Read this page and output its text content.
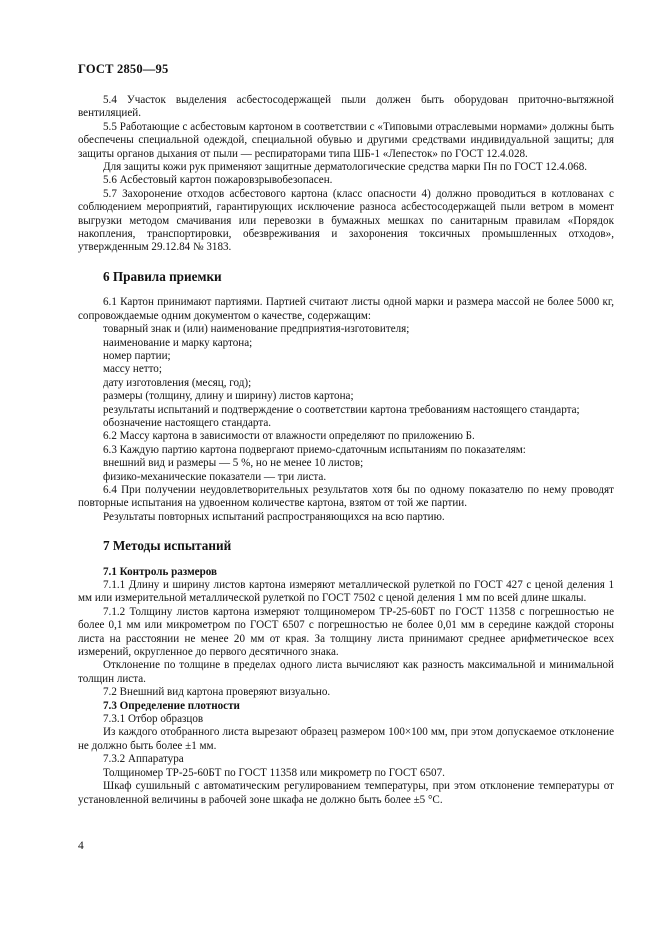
ГОСТ 2850—95

5.4 Участок выделения асбестосодержащей пыли должен быть оборудован приточно-вытяжной вентиляцией.

5.5 Работающие с асбестовым картоном в соответствии с «Типовыми отраслевыми нормами» должны быть обеспечены специальной одеждой, специальной обувью и другими средствами индивидуальной защиты; для защиты органов дыхания от пыли — респираторами типа ШБ-1 «Лепесток» по ГОСТ 12.4.028.

Для защиты кожи рук применяют защитные дерматологические средства марки Пн по ГОСТ 12.4.068.

5.6 Асбестовый картон пожаровзрывобезопасен.

5.7 Захоронение отходов асбестового картона (класс опасности 4) должно проводиться в котлованах с соблюдением мероприятий, гарантирующих исключение разноса асбестосодержащей пыли ветром в момент выгрузки методом смачивания или перевозки в бумажных мешках по санитарным правилам «Порядок накопления, транспортировки, обезвреживания и захоронения токсичных промышленных отходов», утвержденным 29.12.84 № 3183.

6 Правила приемки

6.1 Картон принимают партиями. Партией считают листы одной марки и размера массой не более 5000 кг, сопровождаемые одним документом о качестве, содержащим:

товарный знак и (или) наименование предприятия-изготовителя;

наименование и марку картона;

номер партии;

массу нетто;

дату изготовления (месяц, год);

размеры (толщину, длину и ширину) листов картона;

результаты испытаний и подтверждение о соответствии картона требованиям настоящего стандарта;

обозначение настоящего стандарта.

6.2 Массу картона в зависимости от влажности определяют по приложению Б.

6.3 Каждую партию картона подвергают приемо-сдаточным испытаниям по показателям:

внешний вид и размеры — 5 %, но не менее 10 листов;

физико-механические показатели — три листа.

6.4 При получении неудовлетворительных результатов хотя бы по одному показателю по нему проводят повторные испытания на удвоенном количестве картона, взятом от той же партии.

Результаты повторных испытаний распространяющихся на всю партию.

7 Методы испытаний

7.1 Контроль размеров

7.1.1 Длину и ширину листов картона измеряют металлической рулеткой по ГОСТ 427 с ценой деления 1 мм или измерительной металлической рулеткой по ГОСТ 7502 с ценой деления 1 мм по всей длине шкалы.

7.1.2 Толщину листов картона измеряют толщиномером ТР-25-60БТ по ГОСТ 11358 с погрешностью не более 0,1 мм или микрометром по ГОСТ 6507 с погрешностью не более 0,01 мм в середине каждой стороны листа на расстоянии не менее 20 мм от края. За толщину листа принимают среднее арифметическое всех измерений, округленное до первого десятичного знака.

Отклонение по толщине в пределах одного листа вычисляют как разность максимальной и минимальной толщин листа.

7.2 Внешний вид картона проверяют визуально.

7.3 Определение плотности

7.3.1 Отбор образцов

Из каждого отобранного листа вырезают образец размером 100×100 мм, при этом допускаемое отклонение не должно быть более ±1 мм.

7.3.2 Аппаратура

Толщиномер ТР-25-60БТ по ГОСТ 11358 или микрометр по ГОСТ 6507.

Шкаф сушильный с автоматическим регулированием температуры, при этом отклонение температуры от установленной величины в рабочей зоне шкафа не должно быть более ±5 °С.

4
